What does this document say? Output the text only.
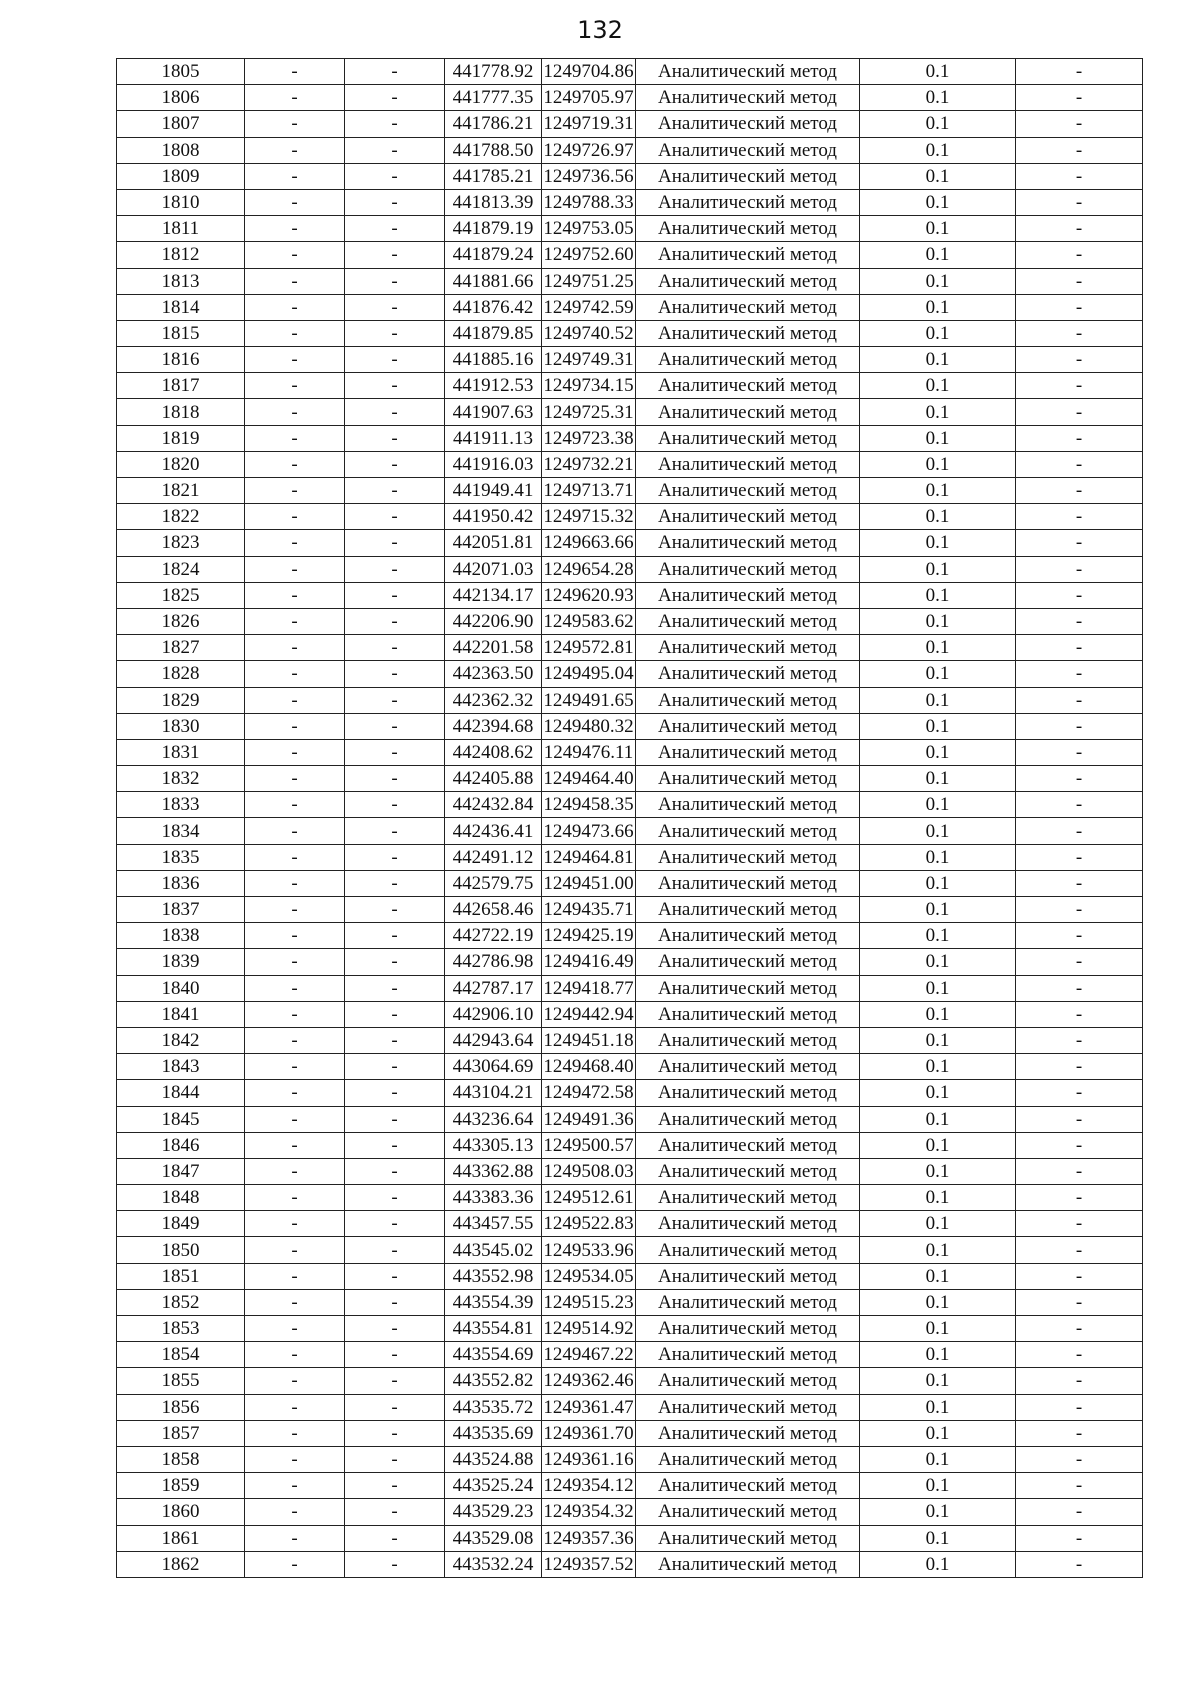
132
1805	-	-	441778.92	1249704.86	Аналитический метод	0.1	-
1806	-	-	441777.35	1249705.97	Аналитический метод	0.1	-
1807	-	-	441786.21	1249719.31	Аналитический метод	0.1	-
1808	-	-	441788.50	1249726.97	Аналитический метод	0.1	-
1809	-	-	441785.21	1249736.56	Аналитический метод	0.1	-
1810	-	-	441813.39	1249788.33	Аналитический метод	0.1	-
1811	-	-	441879.19	1249753.05	Аналитический метод	0.1	-
1812	-	-	441879.24	1249752.60	Аналитический метод	0.1	-
1813	-	-	441881.66	1249751.25	Аналитический метод	0.1	-
1814	-	-	441876.42	1249742.59	Аналитический метод	0.1	-
1815	-	-	441879.85	1249740.52	Аналитический метод	0.1	-
1816	-	-	441885.16	1249749.31	Аналитический метод	0.1	-
1817	-	-	441912.53	1249734.15	Аналитический метод	0.1	-
1818	-	-	441907.63	1249725.31	Аналитический метод	0.1	-
1819	-	-	441911.13	1249723.38	Аналитический метод	0.1	-
1820	-	-	441916.03	1249732.21	Аналитический метод	0.1	-
1821	-	-	441949.41	1249713.71	Аналитический метод	0.1	-
1822	-	-	441950.42	1249715.32	Аналитический метод	0.1	-
1823	-	-	442051.81	1249663.66	Аналитический метод	0.1	-
1824	-	-	442071.03	1249654.28	Аналитический метод	0.1	-
1825	-	-	442134.17	1249620.93	Аналитический метод	0.1	-
1826	-	-	442206.90	1249583.62	Аналитический метод	0.1	-
1827	-	-	442201.58	1249572.81	Аналитический метод	0.1	-
1828	-	-	442363.50	1249495.04	Аналитический метод	0.1	-
1829	-	-	442362.32	1249491.65	Аналитический метод	0.1	-
1830	-	-	442394.68	1249480.32	Аналитический метод	0.1	-
1831	-	-	442408.62	1249476.11	Аналитический метод	0.1	-
1832	-	-	442405.88	1249464.40	Аналитический метод	0.1	-
1833	-	-	442432.84	1249458.35	Аналитический метод	0.1	-
1834	-	-	442436.41	1249473.66	Аналитический метод	0.1	-
1835	-	-	442491.12	1249464.81	Аналитический метод	0.1	-
1836	-	-	442579.75	1249451.00	Аналитический метод	0.1	-
1837	-	-	442658.46	1249435.71	Аналитический метод	0.1	-
1838	-	-	442722.19	1249425.19	Аналитический метод	0.1	-
1839	-	-	442786.98	1249416.49	Аналитический метод	0.1	-
1840	-	-	442787.17	1249418.77	Аналитический метод	0.1	-
1841	-	-	442906.10	1249442.94	Аналитический метод	0.1	-
1842	-	-	442943.64	1249451.18	Аналитический метод	0.1	-
1843	-	-	443064.69	1249468.40	Аналитический метод	0.1	-
1844	-	-	443104.21	1249472.58	Аналитический метод	0.1	-
1845	-	-	443236.64	1249491.36	Аналитический метод	0.1	-
1846	-	-	443305.13	1249500.57	Аналитический метод	0.1	-
1847	-	-	443362.88	1249508.03	Аналитический метод	0.1	-
1848	-	-	443383.36	1249512.61	Аналитический метод	0.1	-
1849	-	-	443457.55	1249522.83	Аналитический метод	0.1	-
1850	-	-	443545.02	1249533.96	Аналитический метод	0.1	-
1851	-	-	443552.98	1249534.05	Аналитический метод	0.1	-
1852	-	-	443554.39	1249515.23	Аналитический метод	0.1	-
1853	-	-	443554.81	1249514.92	Аналитический метод	0.1	-
1854	-	-	443554.69	1249467.22	Аналитический метод	0.1	-
1855	-	-	443552.82	1249362.46	Аналитический метод	0.1	-
1856	-	-	443535.72	1249361.47	Аналитический метод	0.1	-
1857	-	-	443535.69	1249361.70	Аналитический метод	0.1	-
1858	-	-	443524.88	1249361.16	Аналитический метод	0.1	-
1859	-	-	443525.24	1249354.12	Аналитический метод	0.1	-
1860	-	-	443529.23	1249354.32	Аналитический метод	0.1	-
1861	-	-	443529.08	1249357.36	Аналитический метод	0.1	-
1862	-	-	443532.24	1249357.52	Аналитический метод	0.1	-
